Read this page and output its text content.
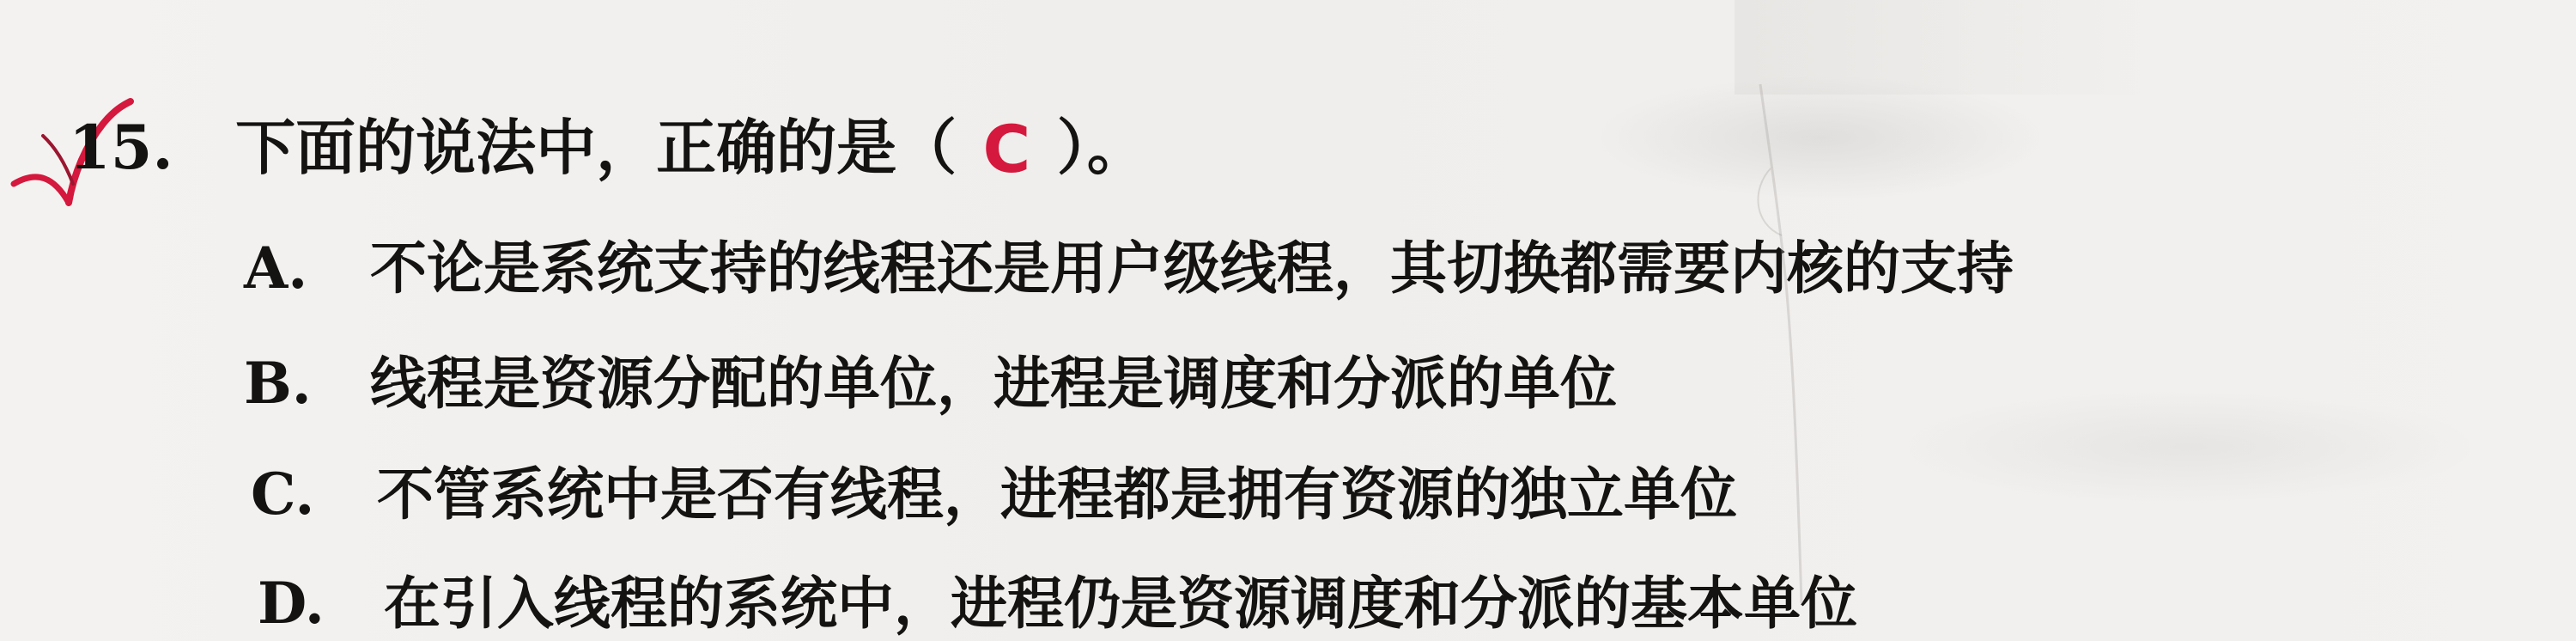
15. 下面的说法中，正确的是（ C ）。
A. 不论是系统支持的线程还是用户级线程，其切换都需要内核的支持
B. 线程是资源分配的单位，进程是调度和分派的单位
C. 不管系统中是否有线程，进程都是拥有资源的独立单位
D. 在引入线程的系统中，进程仍是资源调度和分派的基本单位
